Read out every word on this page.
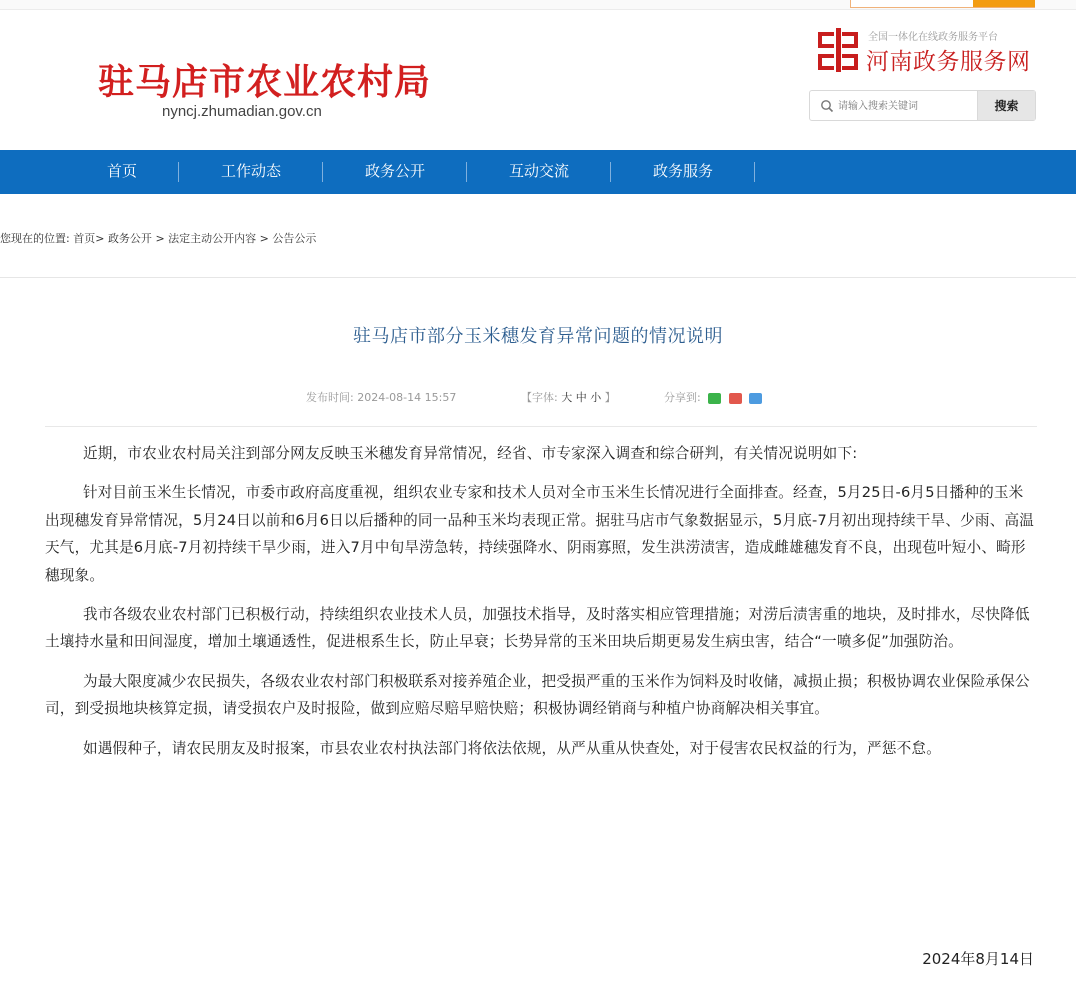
驻马店市农业农村局
nyncj.zhumadian.gov.cn
全国一体化在线政务服务平台
河南政务服务网
请输入搜索关键词
搜索
首页	工作动态	政务公开	互动交流	政务服务
您现在的位置: 首页> 政务公开 > 法定主动公开内容 > 公告公示
驻马店市部分玉米穗发育异常问题的情况说明
发布时间: 2024-08-14 15:57	【字体: 大 中 小 】	分享到:

近期，市农业农村局关注到部分网友反映玉米穗发育异常情况，经省、市专家深入调查和综合研判，有关情况说明如下:

针对目前玉米生长情况，市委市政府高度重视，组织农业专家和技术人员对全市玉米生长情况进行全面排查。经查，5月25日-6月5日播种的玉米出现穗发育异常情况，5月24日以前和6月6日以后播种的同一品种玉米均表现正常。据驻马店市气象数据显示，5月底-7月初出现持续干旱、少雨、高温天气，尤其是6月底-7月初持续干旱少雨，进入7月中旬旱涝急转，持续强降水、阴雨寡照，发生洪涝渍害，造成雌雄穗发育不良，出现苞叶短小、畸形穗现象。

我市各级农业农村部门已积极行动，持续组织农业技术人员，加强技术指导，及时落实相应管理措施；对涝后渍害重的地块，及时排水，尽快降低土壤持水量和田间湿度，增加土壤通透性，促进根系生长，防止早衰；长势异常的玉米田块后期更易发生病虫害，结合“一喷多促”加强防治。

为最大限度减少农民损失，各级农业农村部门积极联系对接养殖企业，把受损严重的玉米作为饲料及时收储，减损止损；积极协调农业保险承保公司，到受损地块核算定损，请受损农户及时报险，做到应赔尽赔早赔快赔；积极协调经销商与种植户协商解决相关事宜。

如遇假种子，请农民朋友及时报案，市县农业农村执法部门将依法依规，从严从重从快查处，对于侵害农民权益的行为，严惩不怠。

2024年8月14日
